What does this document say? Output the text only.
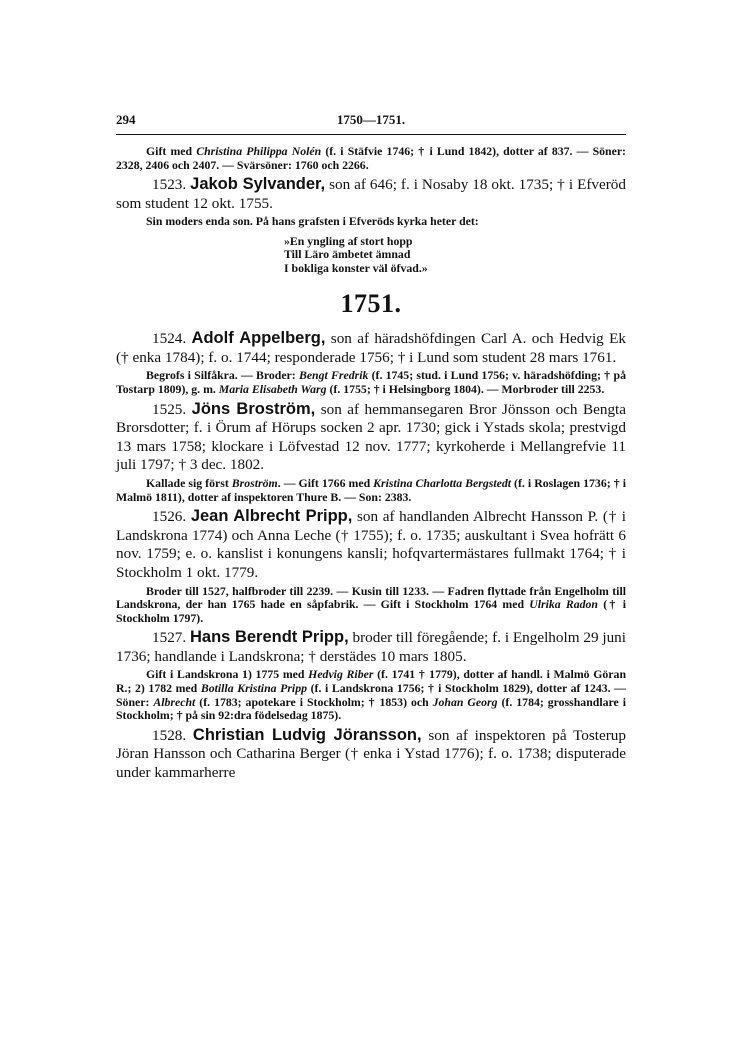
294	1750—1751.

Gift med Christina Philippa Nolén (f. i Stäfvie 1746; † i Lund 1842), dotter af 837. — Söner: 2328, 2406 och 2407. — Svärsöner: 1760 och 2266.

1523. Jakob Sylvander, son af 646; f. i Nosaby 18 okt. 1735; † i Efveröd som student 12 okt. 1755.

Sin moders enda son. På hans grafsten i Efveröds kyrka heter det:

»En yngling af stort hopp
Till Läro ämbetet ämnad
I bokliga konster väl öfvad.»
1751.

1524. Adolf Appelberg, son af häradshöfdingen Carl A. och Hedvig Ek († enka 1784); f. o. 1744; responderade 1756; † i Lund som student 28 mars 1761.

Begrofs i Silfåkra. — Broder: Bengt Fredrik (f. 1745; stud. i Lund 1756; v. häradshöfding; † på Tostarp 1809), g. m. Maria Elisabeth Warg (f. 1755; † i Helsingborg 1804). — Morbroder till 2253.

1525. Jöns Broström, son af hemmansegaren Bror Jönsson och Bengta Brorsdotter; f. i Örum af Hörups socken 2 apr. 1730; gick i Ystads skola; prestvigd 13 mars 1758; klockare i Löfvestad 12 nov. 1777; kyrkoherde i Mellangrefvie 11 juli 1797; † 3 dec. 1802.

Kallade sig först Broström. — Gift 1766 med Kristina Charlotta Bergstedt (f. i Roslagen 1736; † i Malmö 1811), dotter af inspektoren Thure B. — Son: 2383.

1526. Jean Albrecht Pripp, son af handlanden Albrecht Hansson P. († i Landskrona 1774) och Anna Leche († 1755); f. o. 1735; auskultant i Svea hofrätt 6 nov. 1759; e. o. kanslist i konungens kansli; hofqvartermästares fullmakt 1764; † i Stockholm 1 okt. 1779.

Broder till 1527, halfbroder till 2239. — Kusin till 1233. — Fadren flyttade från Engelholm till Landskrona, der han 1765 hade en såpfabrik. — Gift i Stockholm 1764 med Ulrika Radon († i Stockholm 1797).

1527. Hans Berendt Pripp, broder till föregående; f. i Engelholm 29 juni 1736; handlande i Landskrona; † derstädes 10 mars 1805.

Gift i Landskrona 1) 1775 med Hedvig Riber (f. 1741 † 1779), dotter af handl. i Malmö Göran R.; 2) 1782 med Botilla Kristina Pripp (f. i Landskrona 1756; † i Stockholm 1829), dotter af 1243. — Söner: Albrecht (f. 1783; apotekare i Stockholm; † 1853) och Johan Georg (f. 1784; grosshandlare i Stockholm; † på sin 92:dra födelsedag 1875).

1528. Christian Ludvig Jöransson, son af inspektoren på Tosterup Jöran Hansson och Catharina Berger († enka i Ystad 1776); f. o. 1738; disputerade under kammarherre
